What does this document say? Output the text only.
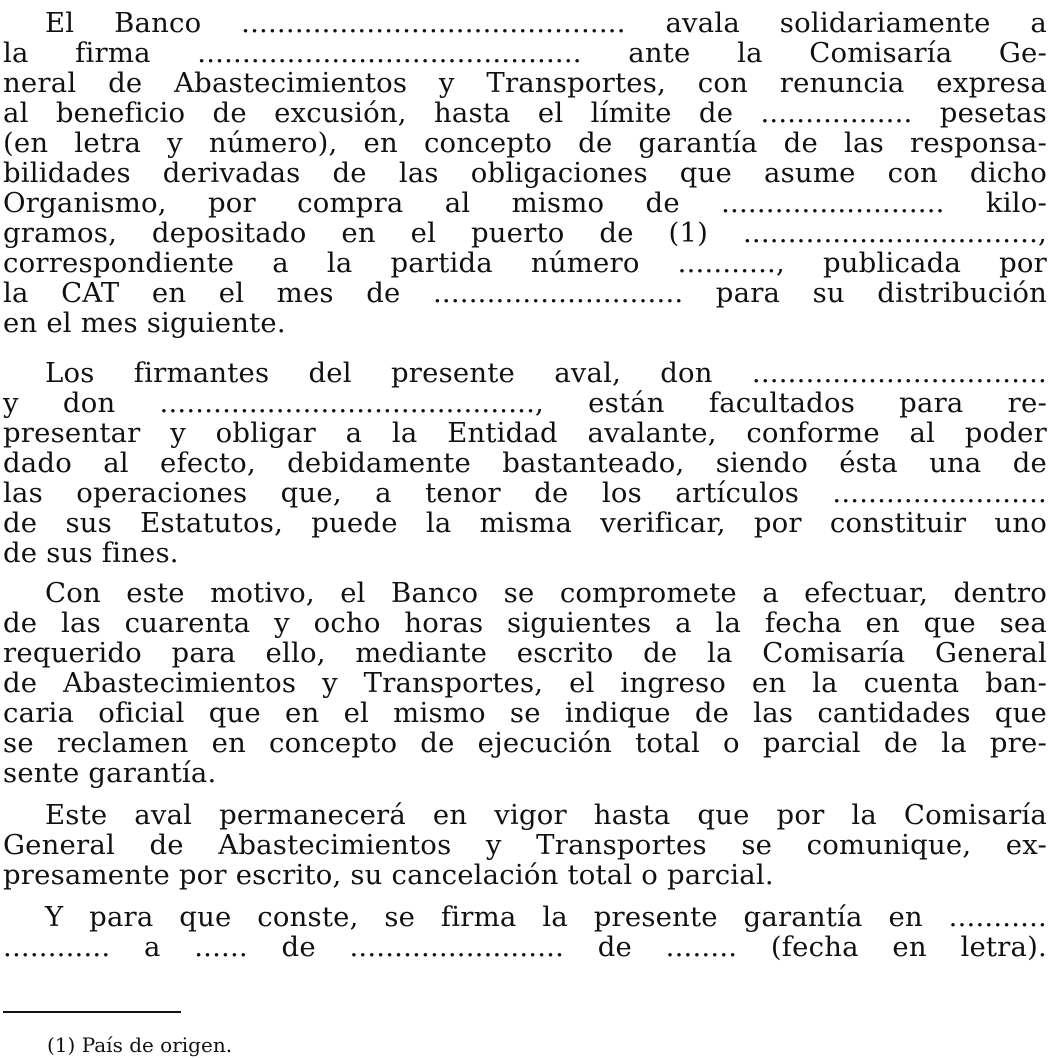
El Banco ........................................... avala solidariamente a
la firma ........................................... ante la Comisaría Ge-
neral de Abastecimientos y Transportes, con renuncia expresa
al beneficio de excusión, hasta el límite de ................. pesetas
(en letra y número), en concepto de garantía de las responsa-
bilidades derivadas de las obligaciones que asume con dicho
Organismo, por compra al mismo de ......................... kilo-
gramos, depositado en el puerto de (1) .................................,
correspondiente a la partida número ..........., publicada por
la CAT en el mes de ............................ para su distribución
en el mes siguiente.
Los firmantes del presente aval, don .................................
y don .........................................., están facultados para re-
presentar y obligar a la Entidad avalante, conforme al poder
dado al efecto, debidamente bastanteado, siendo ésta una de
las operaciones que, a tenor de los artículos ........................
de sus Estatutos, puede la misma verificar, por constituir uno
de sus fines.
Con este motivo, el Banco se compromete a efectuar, dentro
de las cuarenta y ocho horas siguientes a la fecha en que sea
requerido para ello, mediante escrito de la Comisaría General
de Abastecimientos y Transportes, el ingreso en la cuenta ban-
caria oficial que en el mismo se indique de las cantidades que
se reclamen en concepto de ejecución total o parcial de la pre-
sente garantía.
Este aval permanecerá en vigor hasta que por la Comisaría
General de Abastecimientos y Transportes se comunique, ex-
presamente por escrito, su cancelación total o parcial.
Y para que conste, se firma la presente garantía en ...........
............ a ...... de ........................ de ........ (fecha en letra).
(1) País de origen.
